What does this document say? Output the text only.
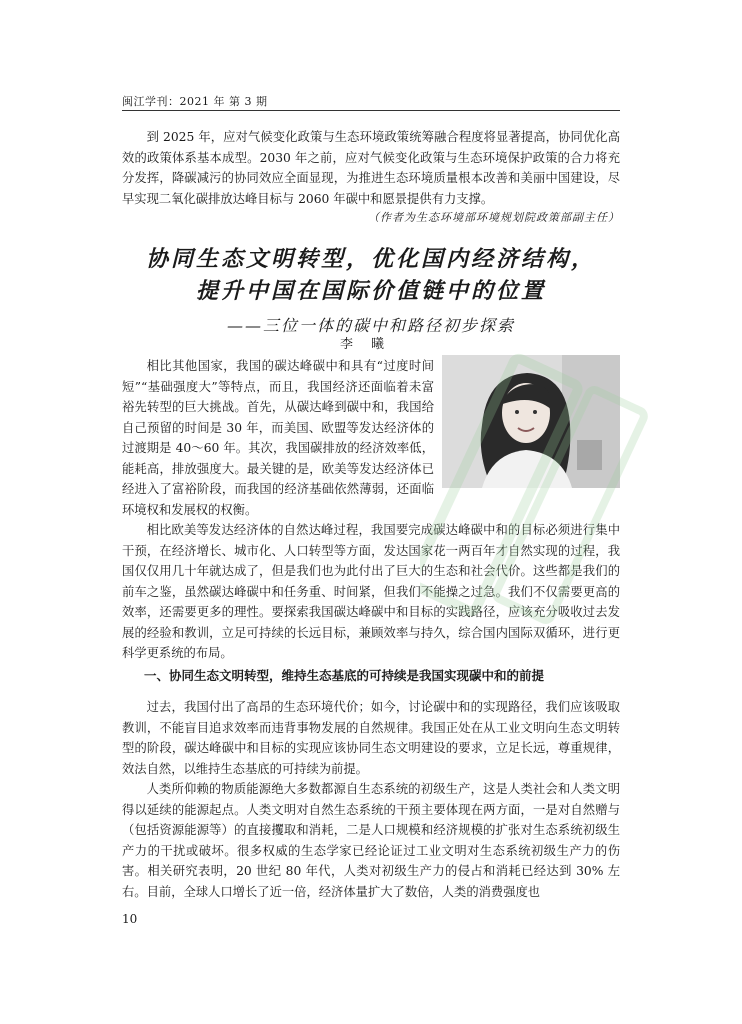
闽江学刊：2021 年 第 3 期

到 2025 年，应对气候变化政策与生态环境政策统筹融合程度将显著提高，协同优化高效的政策体系基本成型。2030 年之前，应对气候变化政策与生态环境保护政策的合力将充分发挥，降碳减污的协同效应全面显现，为推进生态环境质量根本改善和美丽中国建设，尽早实现二氧化碳排放达峰目标与 2060 年碳中和愿景提供有力支撑。

（作者为生态环境部环境规划院政策部副主任）
协同生态文明转型，优化国内经济结构，
提升中国在国际价值链中的位置
——三位一体的碳中和路径初步探索
李曦

相比其他国家，我国的碳达峰碳中和具有“过度时间短”“基础强度大”等特点，而且，我国经济还面临着未富裕先转型的巨大挑战。首先，从碳达峰到碳中和，我国给自己预留的时间是 30 年，而美国、欧盟等发达经济体的过渡期是 40～60 年。其次，我国碳排放的经济效率低，能耗高，排放强度大。最关键的是，欧美等发达经济体已经进入了富裕阶段，而我国的经济基础依然薄弱，还面临环境权和发展权的权衡。

相比欧美等发达经济体的自然达峰过程，我国要完成碳达峰碳中和的目标必须进行集中干预，在经济增长、城市化、人口转型等方面，发达国家花一两百年才自然实现的过程，我国仅仅用几十年就达成了，但是我们也为此付出了巨大的生态和社会代价。这些都是我们的前车之鉴，虽然碳达峰碳中和任务重、时间紧，但我们不能操之过急。我们不仅需要更高的效率，还需要更多的理性。要探索我国碳达峰碳中和目标的实践路径，应该充分吸收过去发展的经验和教训，立足可持续的长远目标，兼顾效率与持久，综合国内国际双循环，进行更科学更系统的布局。

一、协同生态文明转型，维持生态基底的可持续是我国实现碳中和的前提

过去，我国付出了高昂的生态环境代价；如今，讨论碳中和的实现路径，我们应该吸取教训，不能盲目追求效率而违背事物发展的自然规律。我国正处在从工业文明向生态文明转型的阶段，碳达峰碳中和目标的实现应该协同生态文明建设的要求，立足长远，尊重规律，效法自然，以维持生态基底的可持续为前提。

人类所仰赖的物质能源绝大多数都源自生态系统的初级生产，这是人类社会和人类文明得以延续的能源起点。人类文明对自然生态系统的干预主要体现在两方面，一是对自然赠与（包括资源能源等）的直接攫取和消耗，二是人口规模和经济规模的扩张对生态系统初级生产力的干扰或破坏。很多权威的生态学家已经论证过工业文明对生态系统初级生产力的伤害。相关研究表明，20 世纪 80 年代，人类对初级生产力的侵占和消耗已经达到 30% 左右。目前，全球人口增长了近一倍，经济体量扩大了数倍，人类的消费强度也

10
